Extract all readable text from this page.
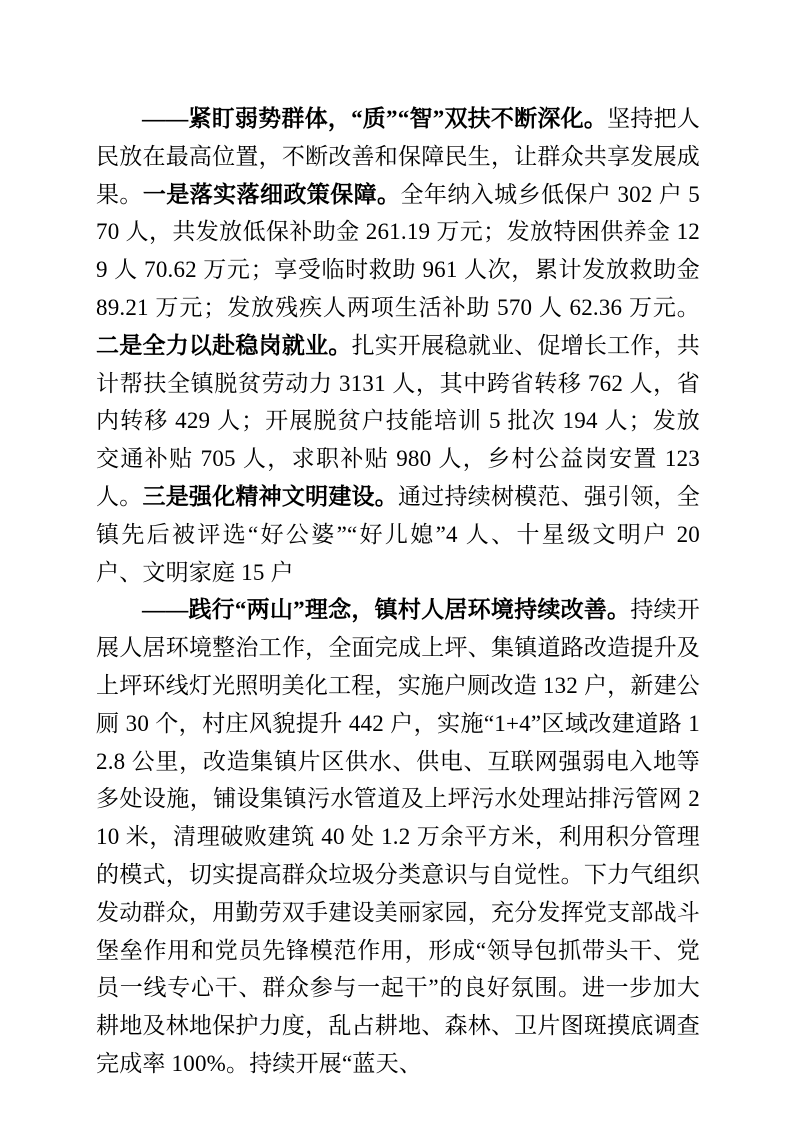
——紧盯弱势群体，“质”“智”双扶不断深化。坚持把人民放在最高位置，不断改善和保障民生，让群众共享发展成果。一是落实落细政策保障。全年纳入城乡低保户 302 户 570 人，共发放低保补助金 261.19 万元；发放特困供养金 129 人 70.62 万元；享受临时救助 961 人次，累计发放救助金 89.21 万元；发放残疾人两项生活补助 570 人 62.36 万元。二是全力以赴稳岗就业。扎实开展稳就业、促增长工作，共计帮扶全镇脱贫劳动力 3131 人，其中跨省转移 762 人，省内转移 429 人；开展脱贫户技能培训 5 批次 194 人；发放交通补贴 705 人，求职补贴 980 人，乡村公益岗安置 123 人。三是强化精神文明建设。通过持续树模范、强引领，全镇先后被评选“好公婆”“好儿媳”4 人、十星级文明户 20 户、文明家庭 15 户

——践行“两山”理念，镇村人居环境持续改善。持续开展人居环境整治工作，全面完成上坪、集镇道路改造提升及上坪环线灯光照明美化工程，实施户厕改造 132 户，新建公厕 30 个，村庄风貌提升 442 户，实施“1+4”区域改建道路 12.8 公里，改造集镇片区供水、供电、互联网强弱电入地等多处设施，铺设集镇污水管道及上坪污水处理站排污管网 210 米，清理破败建筑 40 处 1.2 万余平方米，利用积分管理的模式，切实提高群众垃圾分类意识与自觉性。下力气组织发动群众，用勤劳双手建设美丽家园，充分发挥党支部战斗堡垒作用和党员先锋模范作用，形成“领导包抓带头干、党员一线专心干、群众参与一起干”的良好氛围。进一步加大耕地及林地保护力度，乱占耕地、森林、卫片图斑摸底调查完成率 100%。持续开展“蓝天、
